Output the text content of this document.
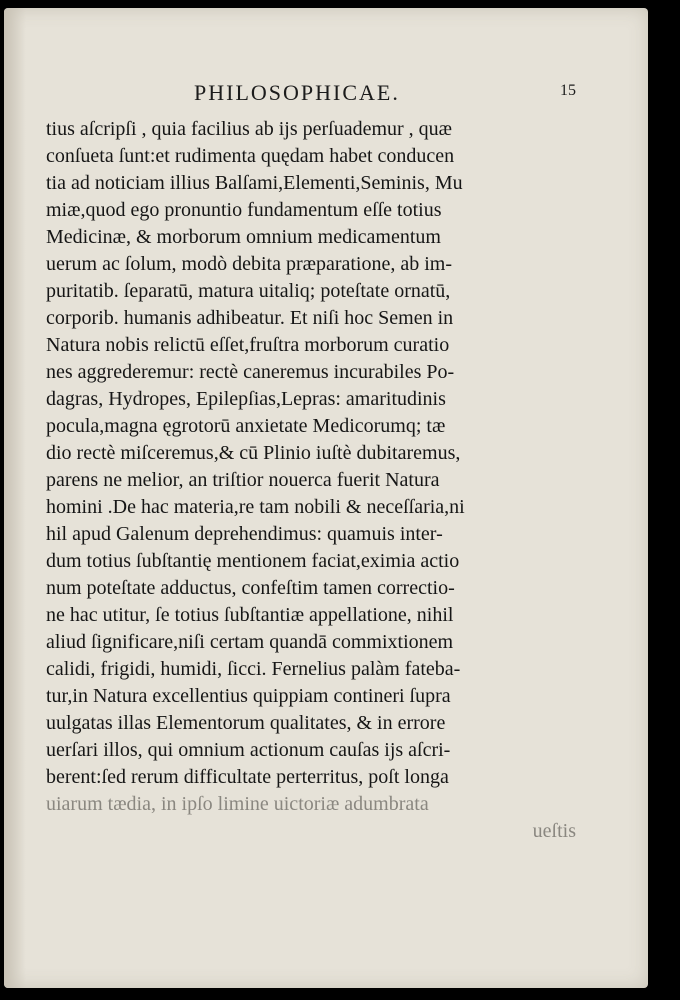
PHILOSOPHICAE.	15
tius aſcripſi , quia facilius ab ijs perſuademur , quæ
conſueta ſunt:et rudimenta quędam habet conducen
tia ad noticiam illius Balſami,Elementi,Seminis, Mu
miæ,quod ego pronuntio fundamentum eſſe totius
Medicinæ, & morborum omnium medicamentum
uerum ac ſolum, modò debita præparatione, ab im-
puritatib. ſeparatū, matura uitaliq; poteſtate ornatū,
corporib. humanis adhibeatur. Et niſi hoc Semen in
Natura nobis relictū eſſet,fruſtra morborum curatio
nes aggrederemur: rectè caneremus incurabiles Po-
dagras, Hydropes, Epilepſias,Lepras: amaritudinis
pocula,magna ęgrotorū anxietate Medicorumq; tæ
dio rectè miſceremus,& cū Plinio iuſtè dubitaremus,
parens ne melior, an triſtior nouerca fuerit Natura
homini .De hac materia,re tam nobili & neceſſaria,ni
hil apud Galenum deprehendimus: quamuis inter-
dum totius ſubſtantię mentionem faciat,eximia actio
num poteſtate adductus, confeſtim tamen correctio-
ne hac utitur, ſe totius ſubſtantiæ appellatione, nihil
aliud ſignificare,niſi certam quandā commixtionem
calidi, frigidi, humidi, ſicci. Fernelius palàm fateba-
tur,in Natura excellentius quippiam contineri ſupra
uulgatas illas Elementorum qualitates, & in errore
uerſari illos, qui omnium actionum cauſas ijs aſcri-
berent:ſed rerum difficultate perterritus, poſt longa
uiarum tædia, in ipſo limine uictoriæ adumbrata
ueſtis
